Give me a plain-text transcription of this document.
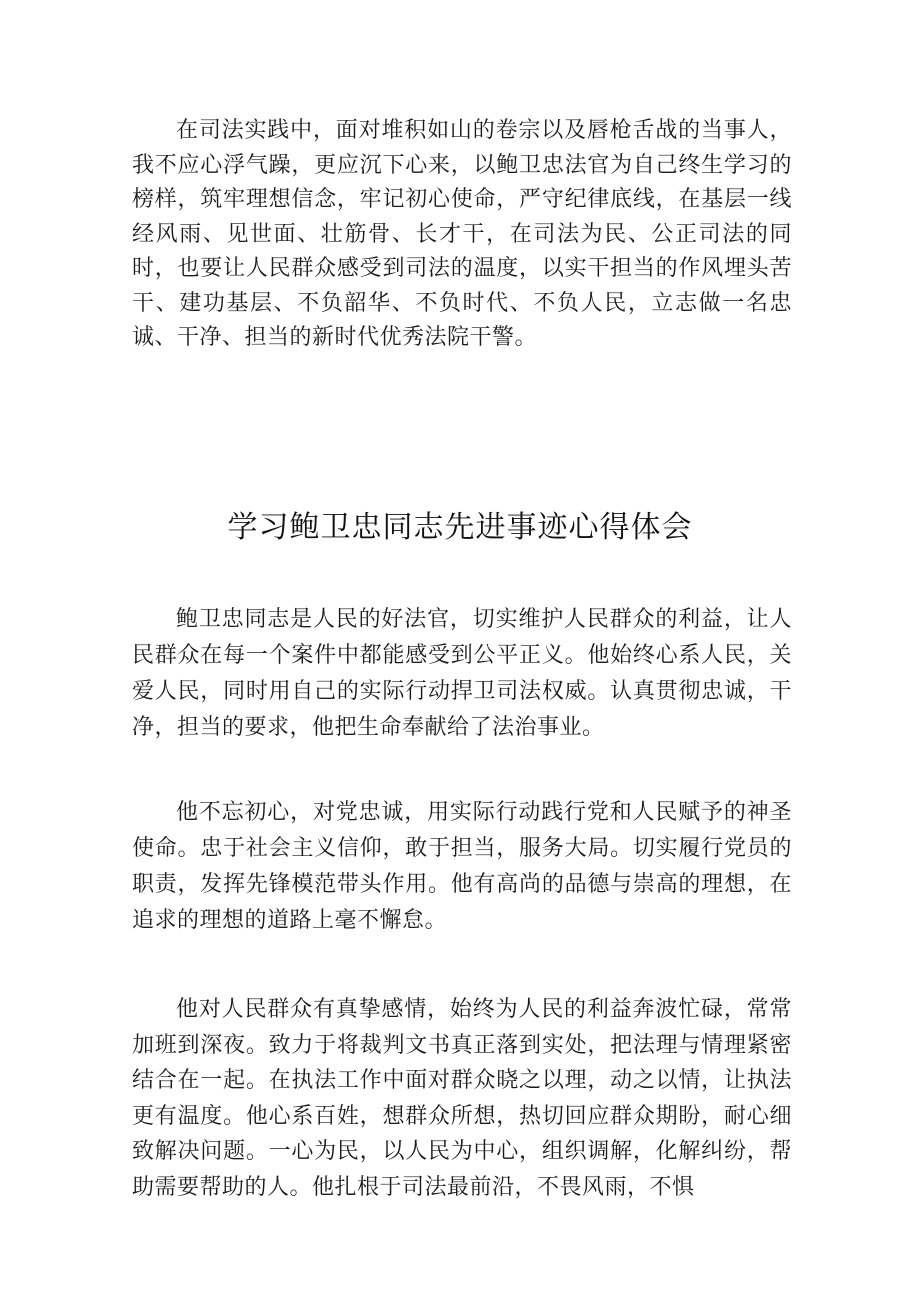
在司法实践中，面对堆积如山的卷宗以及唇枪舌战的当事人，我不应心浮气躁，更应沉下心来，以鲍卫忠法官为自己终生学习的榜样，筑牢理想信念，牢记初心使命，严守纪律底线，在基层一线经风雨、见世面、壮筋骨、长才干，在司法为民、公正司法的同时，也要让人民群众感受到司法的温度，以实干担当的作风埋头苦干、建功基层、不负韶华、不负时代、不负人民，立志做一名忠诚、干净、担当的新时代优秀法院干警。

学习鲍卫忠同志先进事迹心得体会

鲍卫忠同志是人民的好法官，切实维护人民群众的利益，让人民群众在每一个案件中都能感受到公平正义。他始终心系人民，关爱人民，同时用自己的实际行动捍卫司法权威。认真贯彻忠诚，干净，担当的要求，他把生命奉献给了法治事业。

他不忘初心，对党忠诚，用实际行动践行党和人民赋予的神圣使命。忠于社会主义信仰，敢于担当，服务大局。切实履行党员的职责，发挥先锋模范带头作用。他有高尚的品德与崇高的理想，在追求的理想的道路上毫不懈怠。

他对人民群众有真挚感情，始终为人民的利益奔波忙碌，常常加班到深夜。致力于将裁判文书真正落到实处，把法理与情理紧密结合在一起。在执法工作中面对群众晓之以理，动之以情，让执法更有温度。他心系百姓，想群众所想，热切回应群众期盼，耐心细致解决问题。一心为民，以人民为中心，组织调解，化解纠纷，帮助需要帮助的人。他扎根于司法最前沿，不畏风雨，不惧
